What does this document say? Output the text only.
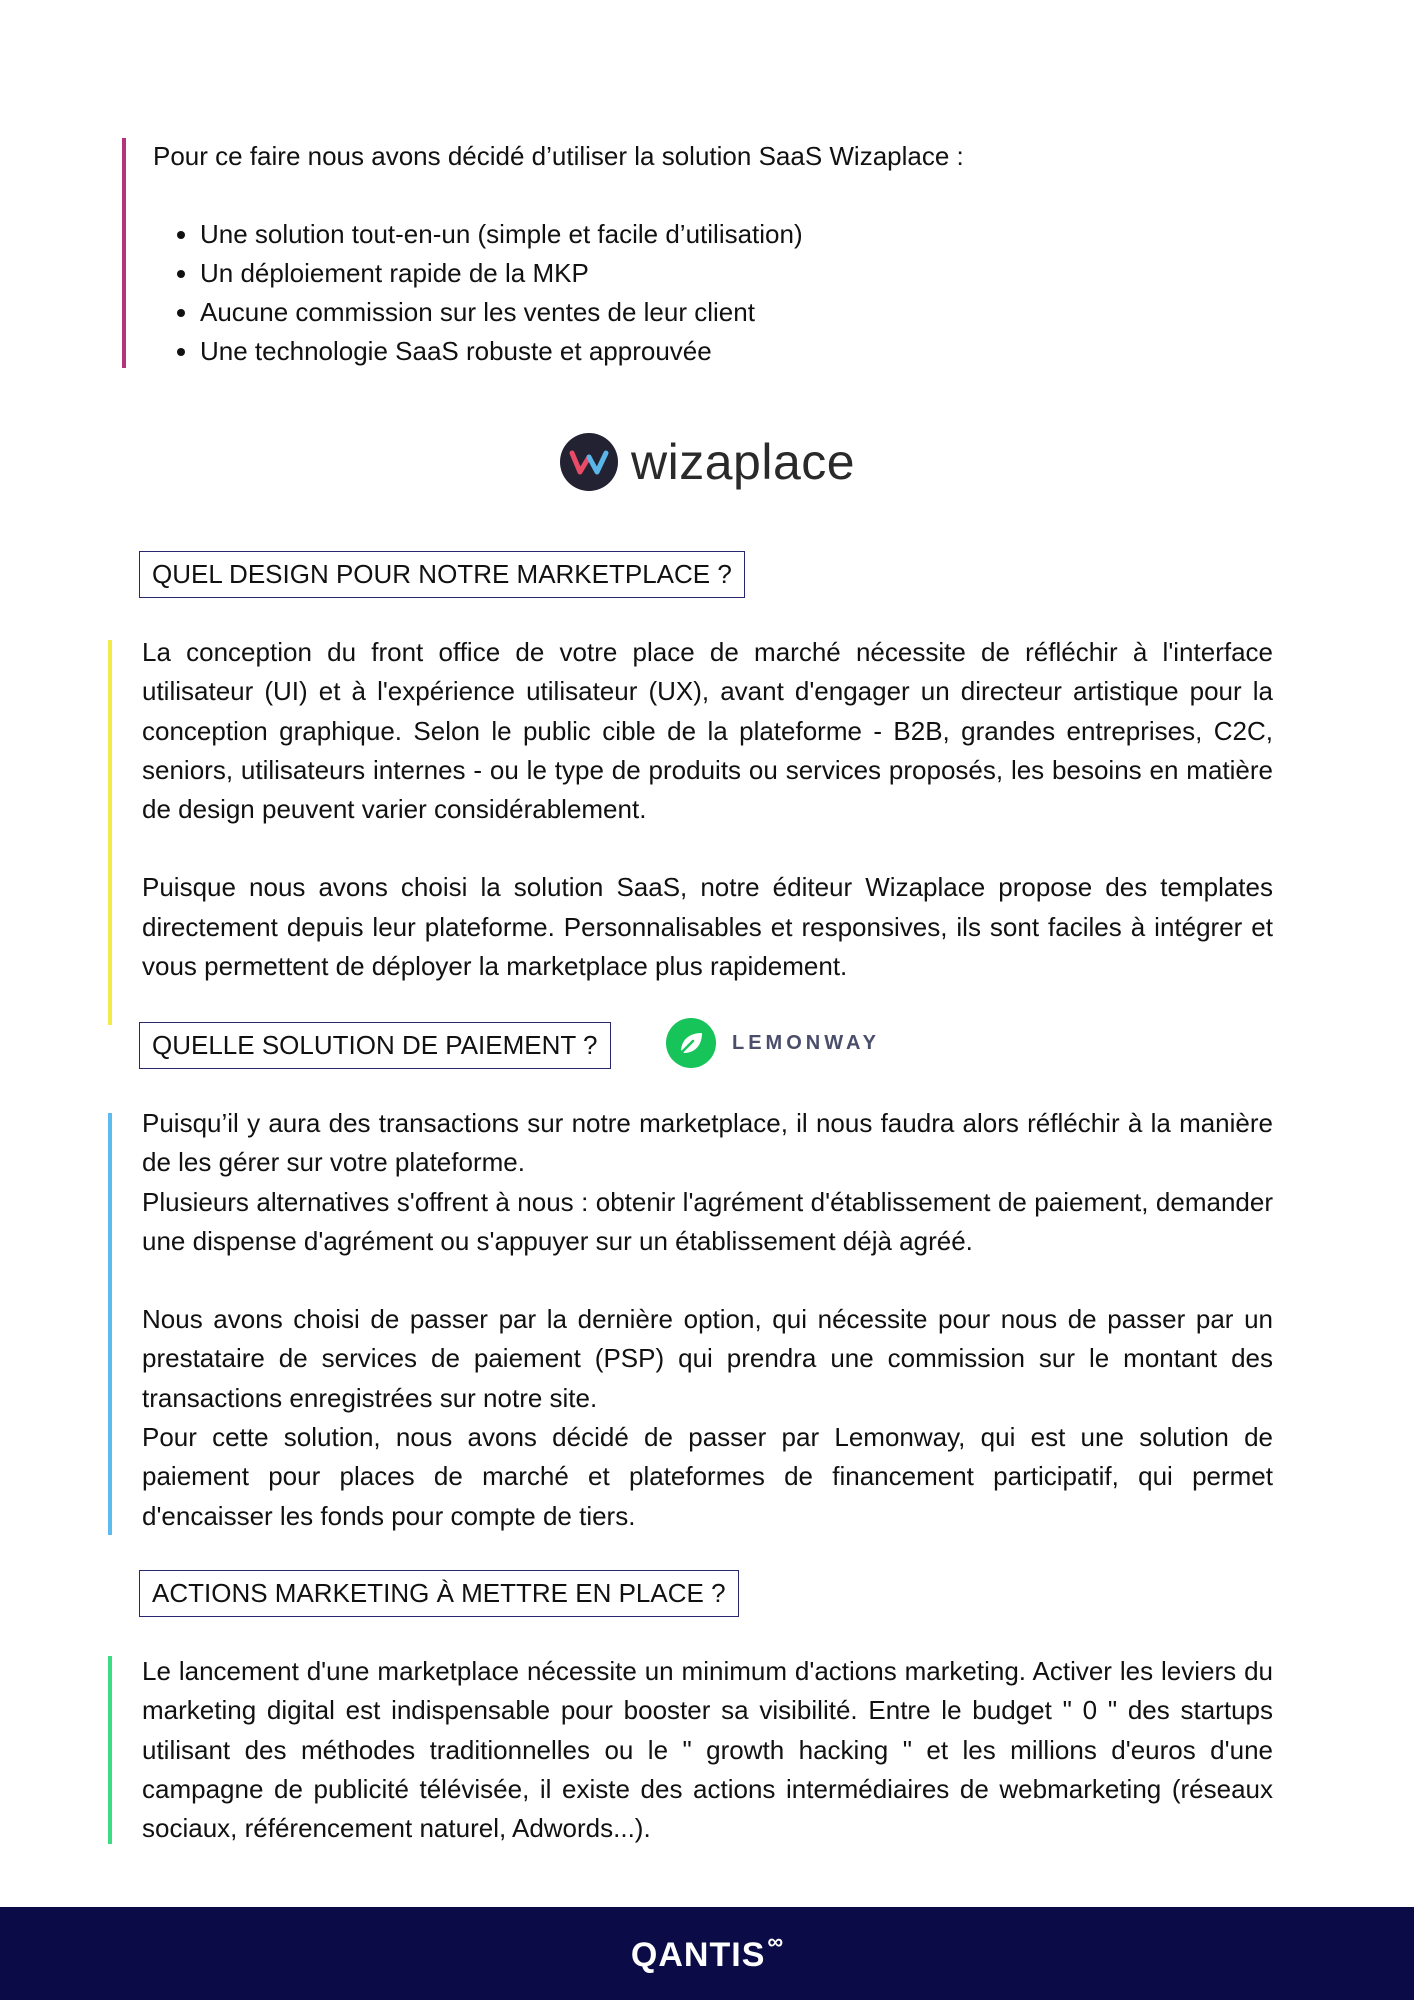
Pour ce faire nous avons décidé d’utiliser la solution SaaS Wizaplace :

• Une solution tout-en-un (simple et facile d’utilisation)
• Un déploiement rapide de la MKP
• Aucune commission sur les ventes de leur client
• Une technologie SaaS robuste et approuvée
wizaplace
QUEL DESIGN POUR NOTRE MARKETPLACE ?

La conception du front office de votre place de marché nécessite de réfléchir à l'interface utilisateur (UI) et à l'expérience utilisateur (UX), avant d'engager un directeur artistique pour la conception graphique. Selon le public cible de la plateforme - B2B, grandes entreprises, C2C, seniors, utilisateurs internes - ou le type de produits ou services proposés, les besoins en matière de design peuvent varier considérablement.

Puisque nous avons choisi la solution SaaS, notre éditeur Wizaplace propose des templates directement depuis leur plateforme. Personnalisables et responsives, ils sont faciles à intégrer et vous permettent de déployer la marketplace plus rapidement.

QUELLE SOLUTION DE PAIEMENT ?	LEMONWAY

Puisqu’il y aura des transactions sur notre marketplace, il nous faudra alors réfléchir à la manière de les gérer sur votre plateforme.

Plusieurs alternatives s'offrent à nous : obtenir l'agrément d'établissement de paiement, demander une dispense d'agrément ou s'appuyer sur un établissement déjà agréé.

Nous avons choisi de passer par la dernière option, qui nécessite pour nous de passer par un prestataire de services de paiement (PSP) qui prendra une commission sur le montant des transactions enregistrées sur notre site.

Pour cette solution, nous avons décidé de passer par Lemonway, qui est une solution de paiement pour places de marché et plateformes de financement participatif, qui permet d'encaisser les fonds pour compte de tiers.

ACTIONS MARKETING À METTRE EN PLACE ?

Le lancement d'une marketplace nécessite un minimum d'actions marketing. Activer les leviers du marketing digital est indispensable pour booster sa visibilité. Entre le budget " 0 " des startups utilisant des méthodes traditionnelles ou le " growth hacking " et les millions d'euros d'une campagne de publicité télévisée, il existe des actions intermédiaires de webmarketing (réseaux sociaux, référencement naturel, Adwords...).

QANTIS ∞
